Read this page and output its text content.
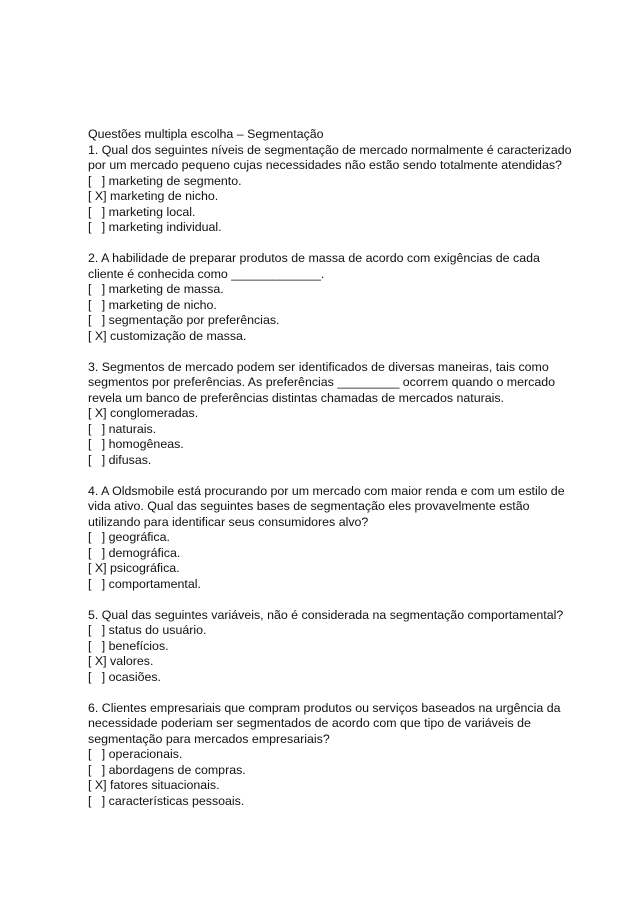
Questões multipla escolha – Segmentação
1. Qual dos seguintes níveis de segmentação de mercado normalmente é caracterizado
por um mercado pequeno cujas necessidades não estão sendo totalmente atendidas?
[   ] marketing de segmento.
[ X] marketing de nicho.
[   ] marketing local.
[   ] marketing individual.
2. A habilidade de preparar produtos de massa de acordo com exigências de cada
cliente é conhecida como _____________.
[   ] marketing de massa.
[   ] marketing de nicho.
[   ] segmentação por preferências.
[ X] customização de massa.
3. Segmentos de mercado podem ser identificados de diversas maneiras, tais como
segmentos por preferências. As preferências _________ ocorrem quando o mercado
revela um banco de preferências distintas chamadas de mercados naturais.
[ X] conglomeradas.
[   ] naturais.
[   ] homogêneas.
[   ] difusas.
4. A Oldsmobile está procurando por um mercado com maior renda e com um estilo de
vida ativo. Qual das seguintes bases de segmentação eles provavelmente estão
utilizando para identificar seus consumidores alvo?
[   ] geográfica.
[   ] demográfica.
[ X] psicográfica.
[   ] comportamental.
5. Qual das seguintes variáveis, não é considerada na segmentação comportamental?
[   ] status do usuário.
[   ] benefícios.
[ X] valores.
[   ] ocasiões.
6. Clientes empresariais que compram produtos ou serviços baseados na urgência da
necessidade poderiam ser segmentados de acordo com que tipo de variáveis de
segmentação para mercados empresariais?
[   ] operacionais.
[   ] abordagens de compras.
[ X] fatores situacionais.
[   ] características pessoais.
